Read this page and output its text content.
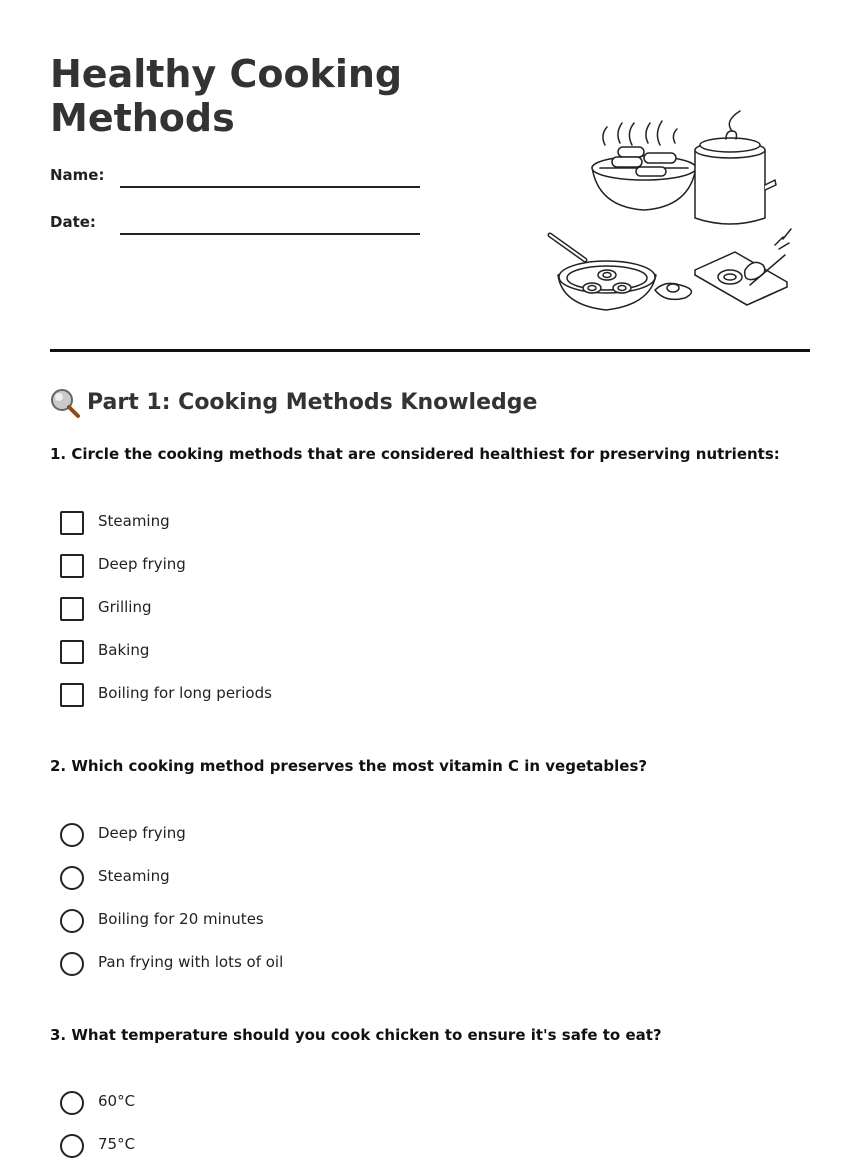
Healthy Cooking Methods
Name:
Date:
Part 1: Cooking Methods Knowledge
1. Circle the cooking methods that are considered healthiest for preserving nutrients:
Steaming
Deep frying
Grilling
Baking
Boiling for long periods
2. Which cooking method preserves the most vitamin C in vegetables?
Deep frying
Steaming
Boiling for 20 minutes
Pan frying with lots of oil
3. What temperature should you cook chicken to ensure it's safe to eat?
60°C
75°C
